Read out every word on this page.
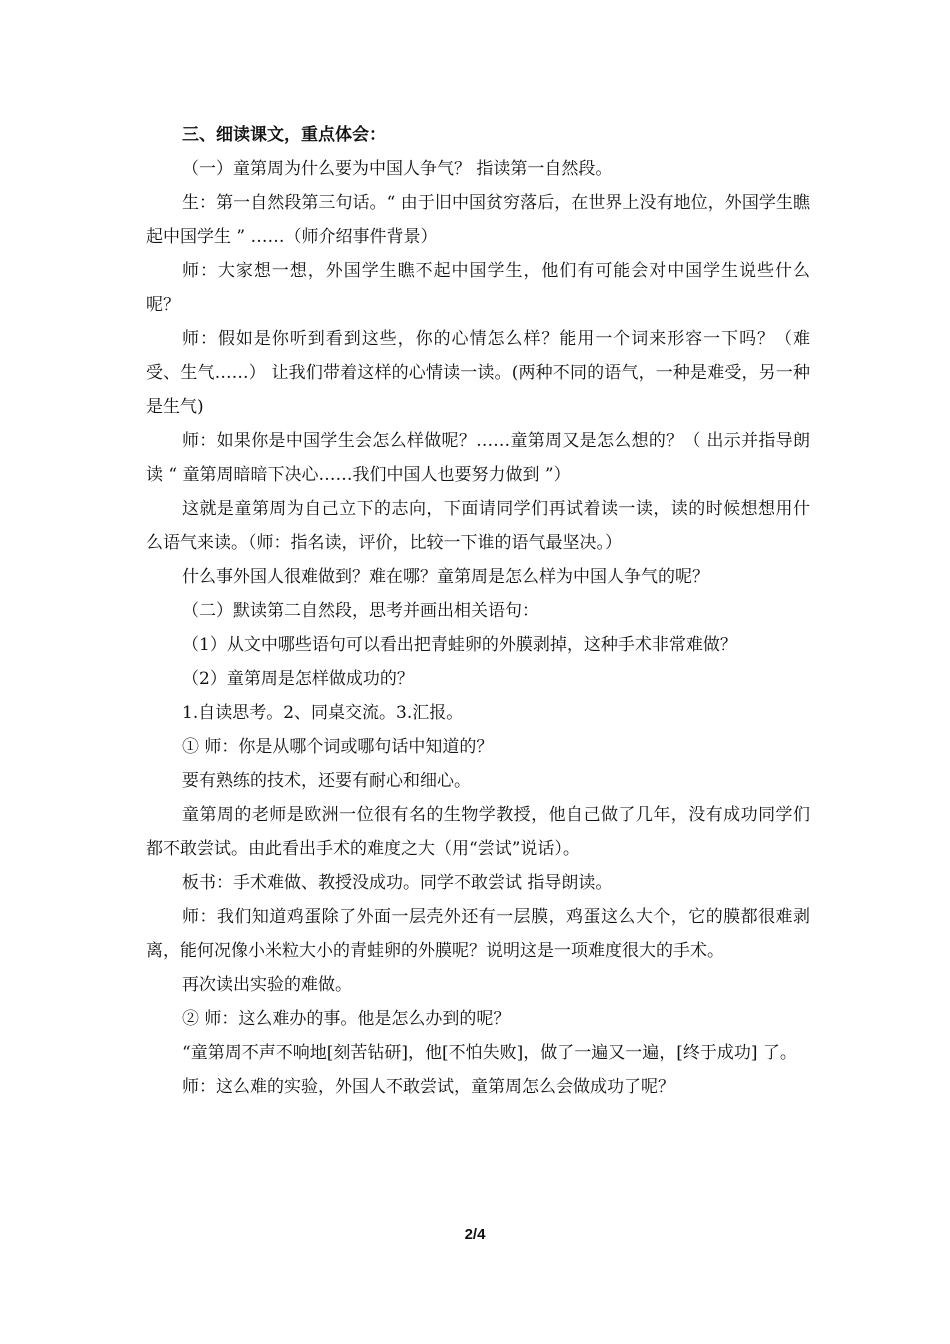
三、细读课文，重点体会：

（一）童第周为什么要为中国人争气？ 指读第一自然段。

生：第一自然段第三句话。“ 由于旧中国贫穷落后，在世界上没有地位，外国学生瞧起中国学生 ” ……（师介绍事件背景）

师：大家想一想，外国学生瞧不起中国学生，他们有可能会对中国学生说些什么呢？

师：假如是你听到看到这些，你的心情怎么样？能用一个词来形容一下吗？（难受、生气……） 让我们带着这样的心情读一读。(两种不同的语气，一种是难受，另一种是生气)

师：如果你是中国学生会怎么样做呢？……童第周又是怎么想的？（ 出示并指导朗读 “ 童第周暗暗下决心……我们中国人也要努力做到 ”）

这就是童第周为自己立下的志向，下面请同学们再试着读一读，读的时候想想用什么语气来读。（师：指名读，评价，比较一下谁的语气最坚决。）

什么事外国人很难做到？难在哪？童第周是怎么样为中国人争气的呢？

（二）默读第二自然段，思考并画出相关语句：

（1）从文中哪些语句可以看出把青蛙卵的外膜剥掉，这种手术非常难做？

（2）童第周是怎样做成功的？

1.自读思考。2、同桌交流。3.汇报。

① 师：你是从哪个词或哪句话中知道的？

要有熟练的技术，还要有耐心和细心。

童第周的老师是欧洲一位很有名的生物学教授，他自己做了几年，没有成功同学们都不敢尝试。由此看出手术的难度之大（用“尝试”说话）。

板书：手术难做、教授没成功。同学不敢尝试 指导朗读。

师：我们知道鸡蛋除了外面一层壳外还有一层膜，鸡蛋这么大个，它的膜都很难剥离，能何况像小米粒大小的青蛙卵的外膜呢？说明这是一项难度很大的手术。

再次读出实验的难做。

② 师：这么难办的事。他是怎么办到的呢？

“童第周不声不响地[刻苦钻研]，他[不怕失败]，做了一遍又一遍，[终于成功] 了。

师：这么难的实验，外国人不敢尝试，童第周怎么会做成功了呢？

2/4
